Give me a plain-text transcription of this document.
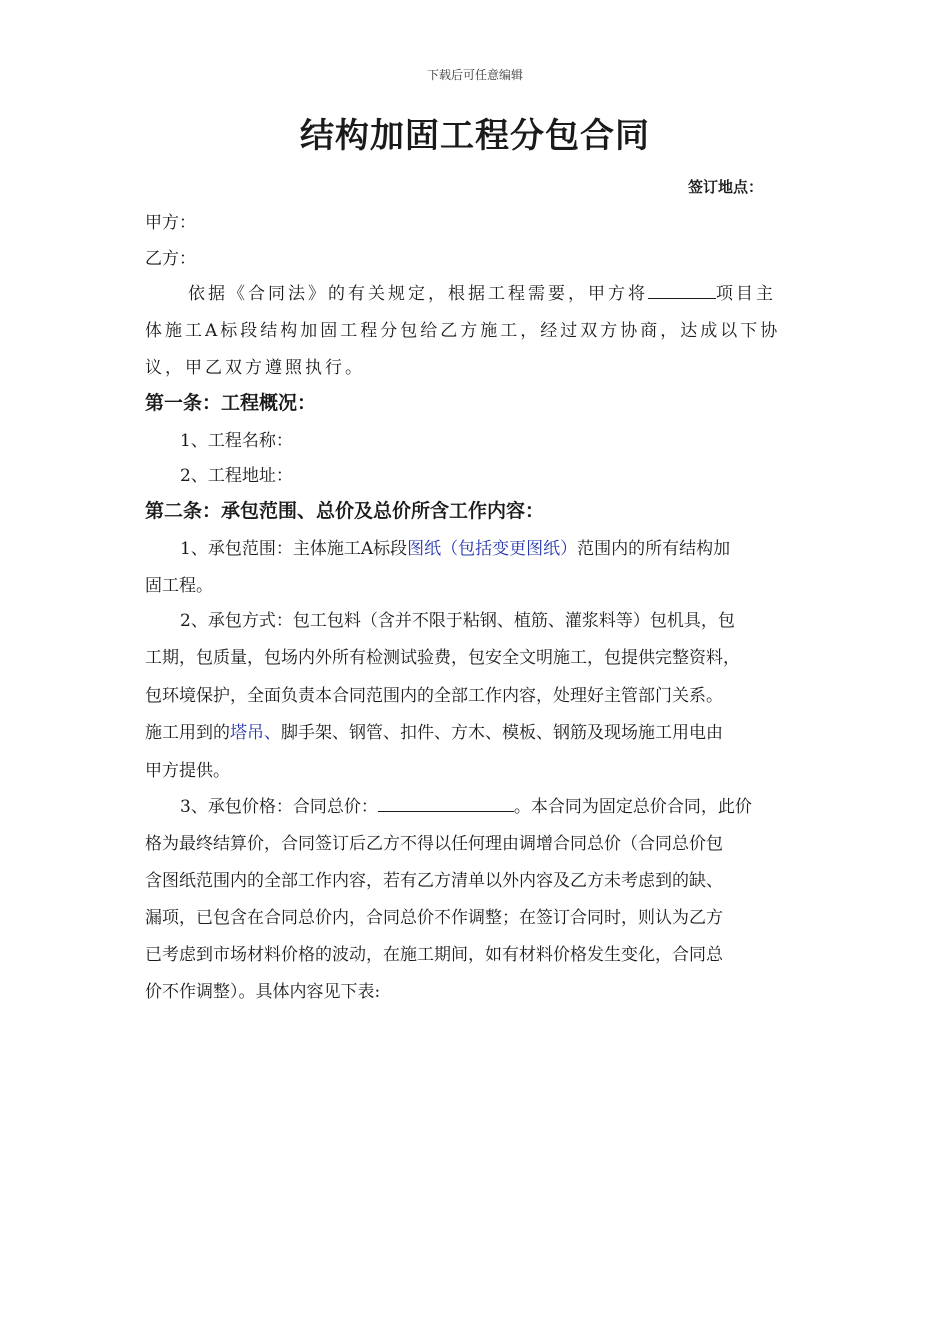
下载后可任意编辑
结构加固工程分包合同
签订地点：
甲方：
乙方：
依据《合同法》的有关规定，根据工程需要，甲方将	项目主
体施工A标段结构加固工程分包给乙方施工，经过双方协商，达成以下协
议，甲乙双方遵照执行。
第一条：工程概况：
1、工程名称：
2、工程地址：
第二条：承包范围、总价及总价所含工作内容：
1、承包范围：主体施工A标段图纸（包括变更图纸）范围内的所有结构加
固工程。
2、承包方式：包工包料（含并不限于粘钢、植筋、灌浆料等）包机具，包
工期，包质量，包场内外所有检测试验费，包安全文明施工，包提供完整资料，
包环境保护，全面负责本合同范围内的全部工作内容，处理好主管部门关系。
施工用到的塔吊、脚手架、钢管、扣件、方木、模板、钢筋及现场施工用电由
甲方提供。
3、承包价格：合同总价：	。本合同为固定总价合同，此价
格为最终结算价，合同签订后乙方不得以任何理由调增合同总价（合同总价包
含图纸范围内的全部工作内容，若有乙方清单以外内容及乙方未考虑到的缺、
漏项，已包含在合同总价内，合同总价不作调整；在签订合同时，则认为乙方
已考虑到市场材料价格的波动，在施工期间，如有材料价格发生变化，合同总
价不作调整）。具体内容见下表:
